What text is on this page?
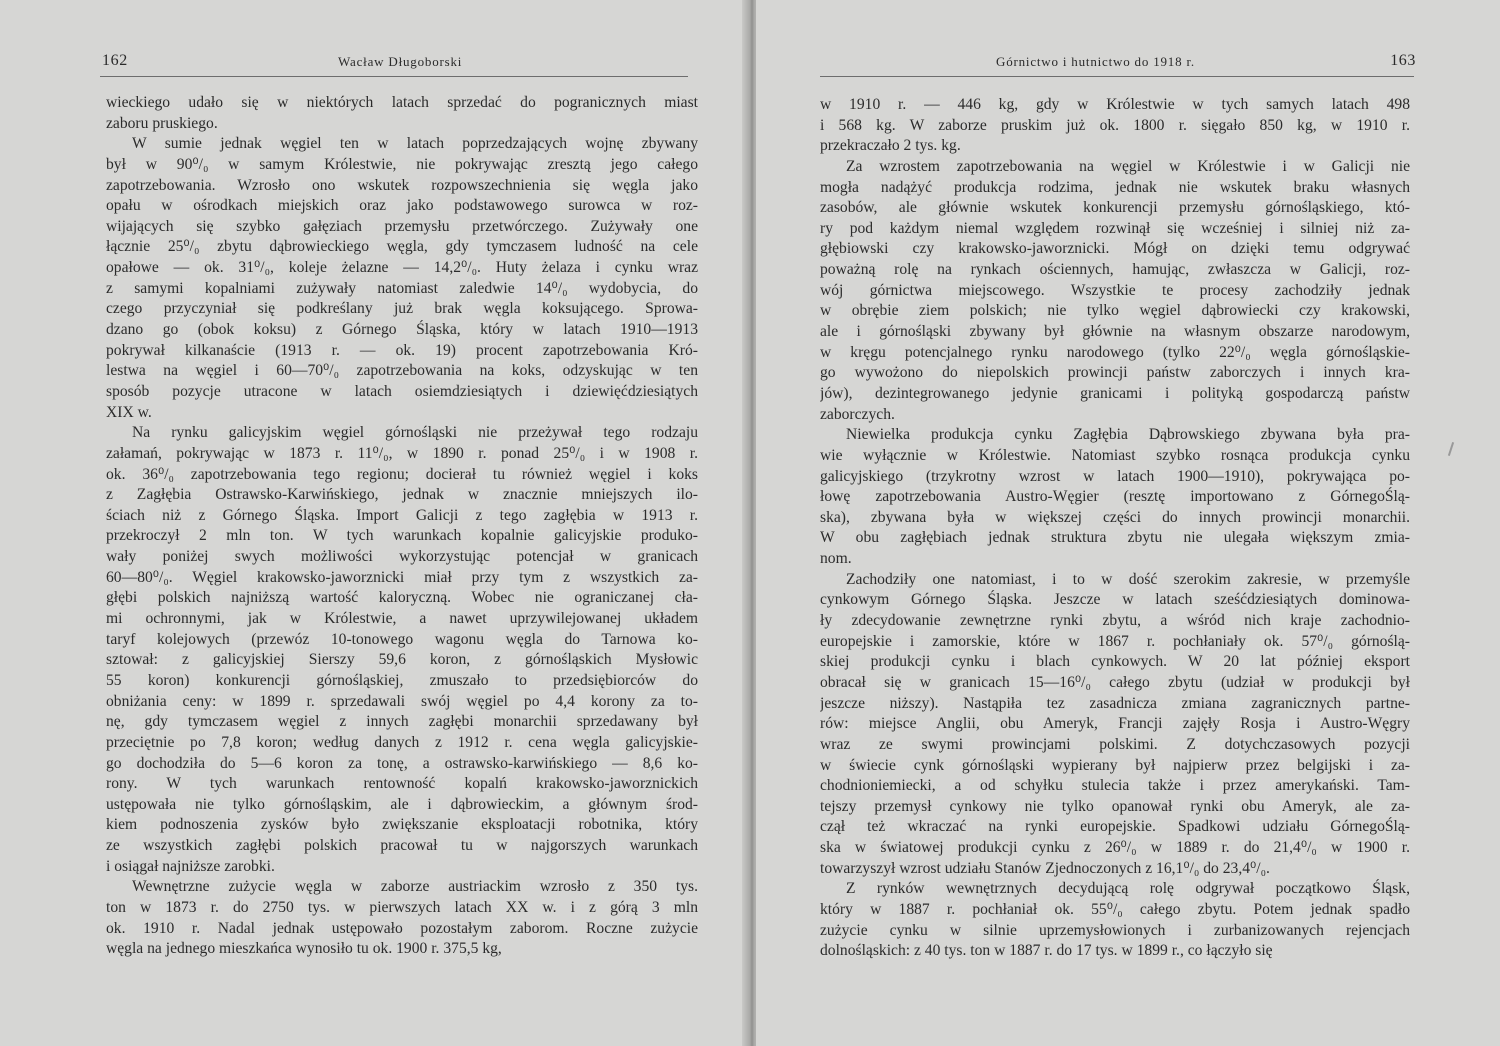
162	Wacław Długoborski
wieckiego udało się w niektórych latach sprzedać do pogranicznych miast
zaboru pruskiego.
W sumie jednak węgiel ten w latach poprzedzających wojnę zbywany
był w 90⁰/₀ w samym Królestwie, nie pokrywając zresztą jego całego
zapotrzebowania. Wzrosło ono wskutek rozpowszechnienia się węgla jako
opału w ośrodkach miejskich oraz jako podstawowego surowca w roz-
wijających się szybko gałęziach przemysłu przetwórczego. Zużywały one
łącznie 25⁰/₀ zbytu dąbrowieckiego węgla, gdy tymczasem ludność na cele
opałowe — ok. 31⁰/₀, koleje żelazne — 14,2⁰/₀. Huty żelaza i cynku wraz
z samymi kopalniami zużywały natomiast zaledwie 14⁰/₀ wydobycia, do
czego przyczyniał się podkreślany już brak węgla koksującego. Sprowa-
dzano go (obok koksu) z Górnego Śląska, który w latach 1910—1913
pokrywał kilkanaście (1913 r. — ok. 19) procent zapotrzebowania Kró-
lestwa na węgiel i 60—70⁰/₀ zapotrzebowania na koks, odzyskując w ten
sposób pozycje utracone w latach osiemdziesiątych i dziewięćdziesiątych
XIX w.
Na rynku galicyjskim węgiel górnośląski nie przeżywał tego rodzaju
załamań, pokrywając w 1873 r. 11⁰/₀, w 1890 r. ponad 25⁰/₀ i w 1908 r.
ok. 36⁰/₀ zapotrzebowania tego regionu; docierał tu również węgiel i koks
z Zagłębia Ostrawsko-Karwińskiego, jednak w znacznie mniejszych ilo-
ściach niż z Górnego Śląska. Import Galicji z tego zagłębia w 1913 r.
przekroczył 2 mln ton. W tych warunkach kopalnie galicyjskie produko-
wały poniżej swych możliwości wykorzystując potencjał w granicach
60—80⁰/₀. Węgiel krakowsko-jaworznicki miał przy tym z wszystkich za-
głębi polskich najniższą wartość kaloryczną. Wobec nie ograniczanej cła-
mi ochronnymi, jak w Królestwie, a nawet uprzywilejowanej układem
taryf kolejowych (przewóz 10-tonowego wagonu węgla do Tarnowa ko-
sztował: z galicyjskiej Sierszy 59,6 koron, z górnośląskich Mysłowic
55 koron) konkurencji górnośląskiej, zmuszało to przedsiębiorców do
obniżania ceny: w 1899 r. sprzedawali swój węgiel po 4,4 korony za to-
nę, gdy tymczasem węgiel z innych zagłębi monarchii sprzedawany był
przeciętnie po 7,8 koron; według danych z 1912 r. cena węgla galicyjskie-
go dochodziła do 5—6 koron za tonę, a ostrawsko-karwińskiego — 8,6 ko-
rony. W tych warunkach rentowność kopalń krakowsko-jaworznickich
ustępowała nie tylko górnośląskim, ale i dąbrowieckim, a głównym środ-
kiem podnoszenia zysków było zwiększanie eksploatacji robotnika, który
ze wszystkich zagłębi polskich pracował tu w najgorszych warunkach
i osiągał najniższe zarobki.
Wewnętrzne zużycie węgla w zaborze austriackim wzrosło z 350 tys.
ton w 1873 r. do 2750 tys. w pierwszych latach XX w. i z górą 3 mln
ok. 1910 r. Nadal jednak ustępowało pozostałym zaborom. Roczne zużycie
węgla na jednego mieszkańca wynosiło tu ok. 1900 r. 375,5 kg,
Górnictwo i hutnictwo do 1918 r.	163
w 1910 r. — 446 kg, gdy w Królestwie w tych samych latach 498
i 568 kg. W zaborze pruskim już ok. 1800 r. sięgało 850 kg, w 1910 r.
przekraczało 2 tys. kg.
Za wzrostem zapotrzebowania na węgiel w Królestwie i w Galicji nie
mogła nadążyć produkcja rodzima, jednak nie wskutek braku własnych
zasobów, ale głównie wskutek konkurencji przemysłu górnośląskiego, któ-
ry pod każdym niemal względem rozwinął się wcześniej i silniej niż za-
głębiowski czy krakowsko-jaworznicki. Mógł on dzięki temu odgrywać
poważną rolę na rynkach ościennych, hamując, zwłaszcza w Galicji, roz-
wój górnictwa miejscowego. Wszystkie te procesy zachodziły jednak
w obrębie ziem polskich; nie tylko węgiel dąbrowiecki czy krakowski,
ale i górnośląski zbywany był głównie na własnym obszarze narodowym,
w kręgu potencjalnego rynku narodowego (tylko 22⁰/₀ węgla górnośląskie-
go wywożono do niepolskich prowincji państw zaborczych i innych kra-
jów), dezintegrowanego jedynie granicami i polityką gospodarczą państw
zaborczych.
Niewielka produkcja cynku Zagłębia Dąbrowskiego zbywana była pra-
wie wyłącznie w Królestwie. Natomiast szybko rosnąca produkcja cynku
galicyjskiego (trzykrotny wzrost w latach 1900—1910), pokrywająca po-
łowę zapotrzebowania Austro-Węgier (resztę importowano z GórnegoŚlą-
ska), zbywana była w większej części do innych prowincji monarchii.
W obu zagłębiach jednak struktura zbytu nie ulegała większym zmia-
nom.
Zachodziły one natomiast, i to w dość szerokim zakresie, w przemyśle
cynkowym Górnego Śląska. Jeszcze w latach sześćdziesiątych dominowa-
ły zdecydowanie zewnętrzne rynki zbytu, a wśród nich kraje zachodnio-
europejskie i zamorskie, które w 1867 r. pochłaniały ok. 57⁰/₀ górnoślą-
skiej produkcji cynku i blach cynkowych. W 20 lat później eksport
obracał się w granicach 15—16⁰/₀ całego zbytu (udział w produkcji był
jeszcze niższy). Nastąpiła tez zasadnicza zmiana zagranicznych partne-
rów: miejsce Anglii, obu Ameryk, Francji zajęły Rosja i Austro-Węgry
wraz ze swymi prowincjami polskimi. Z dotychczasowych pozycji
w świecie cynk górnośląski wypierany był najpierw przez belgijski i za-
chodnioniemiecki, a od schyłku stulecia także i przez amerykański. Tam-
tejszy przemysł cynkowy nie tylko opanował rynki obu Ameryk, ale za-
czął też wkraczać na rynki europejskie. Spadkowi udziału GórnegoŚlą-
ska w światowej produkcji cynku z 26⁰/₀ w 1889 r. do 21,4⁰/₀ w 1900 r.
towarzyszył wzrost udziału Stanów Zjednoczonych z 16,1⁰/₀ do 23,4⁰/₀.
Z rynków wewnętrznych decydującą rolę odgrywał początkowo Śląsk,
który w 1887 r. pochłaniał ok. 55⁰/₀ całego zbytu. Potem jednak spadło
zużycie cynku w silnie uprzemysłowionych i zurbanizowanych rejencjach
dolnośląskich: z 40 tys. ton w 1887 r. do 17 tys. w 1899 r., co łączyło się
